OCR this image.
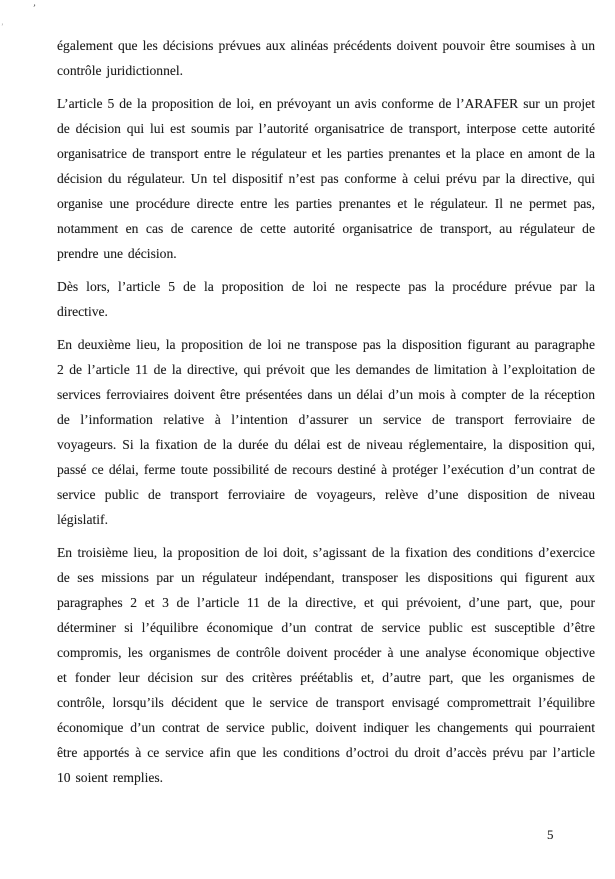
’
’

également que les décisions prévues aux alinéas précédents doivent pouvoir être soumises à un contrôle juridictionnel.

L’article 5 de la proposition de loi, en prévoyant un avis conforme de l’ARAFER sur un projet de décision qui lui est soumis par l’autorité organisatrice de transport, interpose cette autorité organisatrice de transport entre le régulateur et les parties prenantes et la place en amont de la décision du régulateur. Un tel dispositif n’est pas conforme à celui prévu par la directive, qui organise une procédure directe entre les parties prenantes et le régulateur. Il ne permet pas, notamment en cas de carence de cette autorité organisatrice de transport, au régulateur de prendre une décision.

Dès lors, l’article 5 de la proposition de loi ne respecte pas la procédure prévue par la directive.

En deuxième lieu, la proposition de loi ne transpose pas la disposition figurant au paragraphe 2 de l’article 11 de la directive, qui prévoit que les demandes de limitation à l’exploitation de services ferroviaires doivent être présentées dans un délai d’un mois à compter de la réception de l’information relative à l’intention d’assurer un service de transport ferroviaire de voyageurs. Si la fixation de la durée du délai est de niveau réglementaire, la disposition qui, passé ce délai, ferme toute possibilité de recours destiné à protéger l’exécution d’un contrat de service public de transport ferroviaire de voyageurs, relève d’une disposition de niveau législatif.

En troisième lieu, la proposition de loi doit, s’agissant de la fixation des conditions d’exercice de ses missions par un régulateur indépendant, transposer les dispositions qui figurent aux paragraphes 2 et 3 de l’article 11 de la directive, et qui prévoient, d’une part, que, pour déterminer si l’équilibre économique d’un contrat de service public est susceptible d’être compromis, les organismes de contrôle doivent procéder à une analyse économique objective et fonder leur décision sur des critères préétablis et, d’autre part, que les organismes de contrôle, lorsqu’ils décident que le service de transport envisagé compromettrait l’équilibre économique d’un contrat de service public, doivent indiquer les changements qui pourraient être apportés à ce service afin que les conditions d’octroi du droit d’accès prévu par l’article 10 soient remplies.

5
